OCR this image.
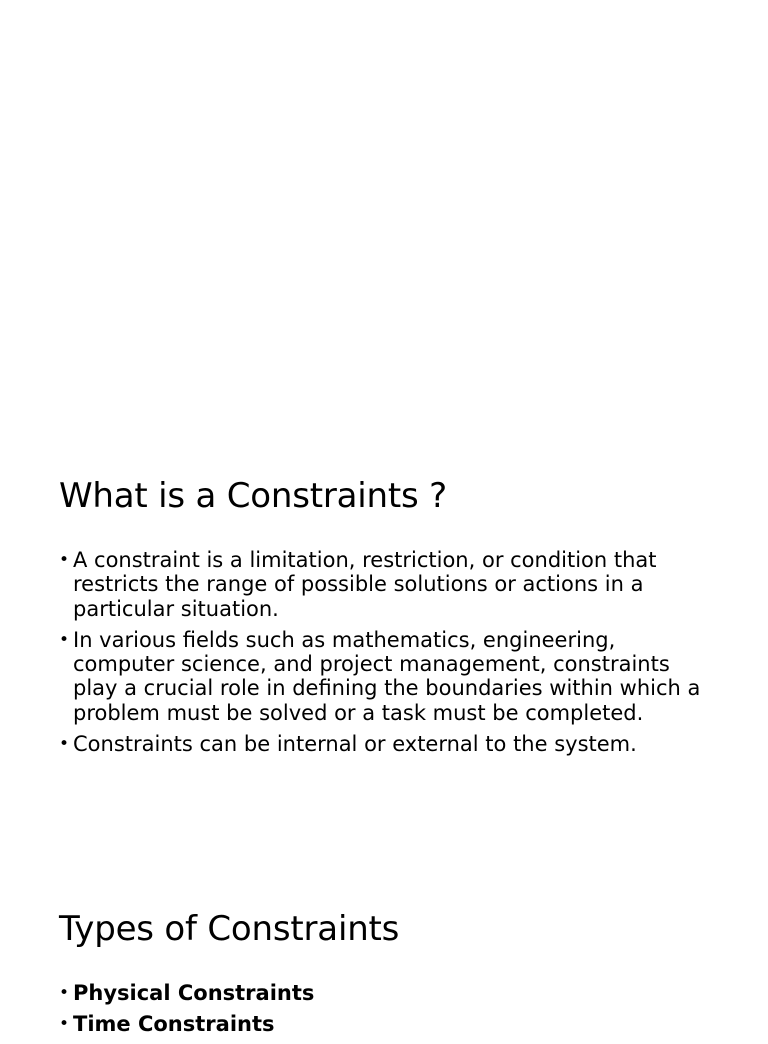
What is a Constraints ?
• A constraint is a limitation, restriction, or condition that restricts the range of possible solutions or actions in a particular situation.
• In various fields such as mathematics, engineering, computer science, and project management, constraints play a crucial role in defining the boundaries within which a problem must be solved or a task must be completed.
• Constraints can be internal or external to the system.
Types of Constraints
• Physical Constraints
• Time Constraints
